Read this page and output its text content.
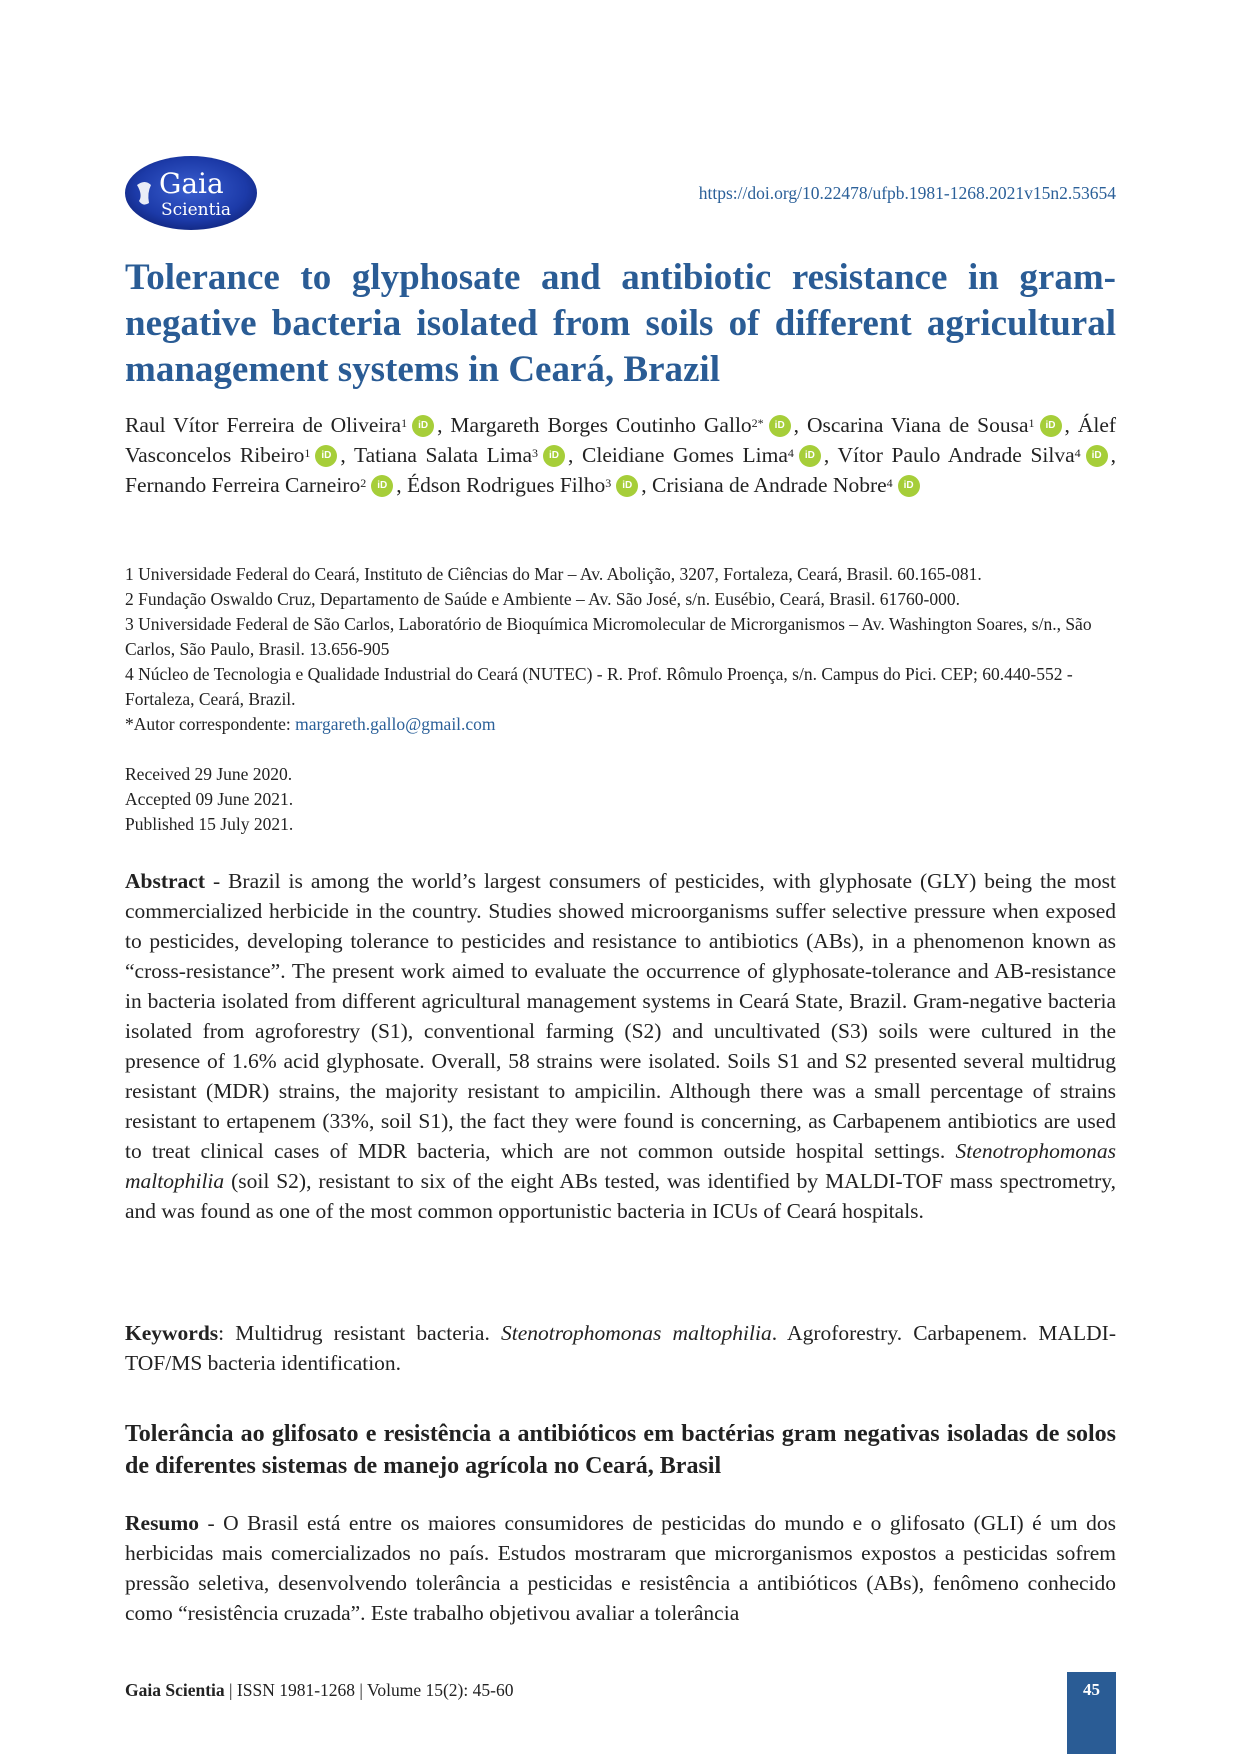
Gaia
Scientia
https://doi.org/10.22478/ufpb.1981-1268.2021v15n2.53654
Tolerance to glyphosate and antibiotic resistance in gram-negative bacteria isolated from soils of different agricultural management systems in Ceará, Brazil
Raul Vítor Ferreira de Oliveira$^1$ iD , Margareth Borges Coutinho Gallo$^{2*}$ iD , Oscarina Viana de Sousa$^1$ iD , Álef Vasconcelos Ribeiro$^1$ iD , Tatiana Salata Lima$^3$ iD , Cleidiane Gomes Lima$^4$ iD , Vítor Paulo Andrade Silva$^4$ iD , Fernando Ferreira Carneiro$^2$ iD , Édson Rodrigues Filho$^3$ iD , Crisiana de Andrade Nobre$^4$ iD

1 Universidade Federal do Ceará, Instituto de Ciências do Mar – Av. Abolição, 3207, Fortaleza, Ceará, Brasil. 60.165-081.

2 Fundação Oswaldo Cruz, Departamento de Saúde e Ambiente – Av. São José, s/n. Eusébio, Ceará, Brasil. 61760-000.

3 Universidade Federal de São Carlos, Laboratório de Bioquímica Micromolecular de Microrganismos – Av. Washington Soares, s/n., São Carlos, São Paulo, Brasil. 13.656-905

4 Núcleo de Tecnologia e Qualidade Industrial do Ceará (NUTEC) - R. Prof. Rômulo Proença, s/n. Campus do Pici. CEP; 60.440-552 - Fortaleza, Ceará, Brazil.

*Autor correspondente: margareth.gallo@gmail.com

Received 29 June 2020.

Accepted 09 June 2021.

Published 15 July 2021.

Abstract - Brazil is among the world’s largest consumers of pesticides, with glyphosate (GLY) being the most commercialized herbicide in the country. Studies showed microorganisms suffer selective pressure when exposed to pesticides, developing tolerance to pesticides and resistance to antibiotics (ABs), in a phenomenon known as “cross-resistance”. The present work aimed to evaluate the occurrence of glyphosate-tolerance and AB-resistance in bacteria isolated from different agricultural management systems in Ceará State, Brazil. Gram-negative bacteria isolated from agroforestry (S1), conventional farming (S2) and uncultivated (S3) soils were cultured in the presence of 1.6% acid glyphosate. Overall, 58 strains were isolated. Soils S1 and S2 presented several multidrug resistant (MDR) strains, the majority resistant to ampicilin. Although there was a small percentage of strains resistant to ertapenem (33%, soil S1), the fact they were found is concerning, as Carbapenem antibiotics are used to treat clinical cases of MDR bacteria, which are not common outside hospital settings. Stenotrophomonas maltophilia (soil S2), resistant to six of the eight ABs tested, was identified by MALDI-TOF mass spectrometry, and was found as one of the most common opportunistic bacteria in ICUs of Ceará hospitals.

Keywords: Multidrug resistant bacteria. Stenotrophomonas maltophilia. Agroforestry. Carbapenem. MALDI-TOF/MS bacteria identification.

Tolerância ao glifosato e resistência a antibióticos em bactérias gram negativas isoladas de solos de diferentes sistemas de manejo agrícola no Ceará, Brasil

Resumo - O Brasil está entre os maiores consumidores de pesticidas do mundo e o glifosato (GLI) é um dos herbicidas mais comercializados no país. Estudos mostraram que microrganismos expostos a pesticidas sofrem pressão seletiva, desenvolvendo tolerância a pesticidas e resistência a antibióticos (ABs), fenômeno conhecido como “resistência cruzada”. Este trabalho objetivou avaliar a tolerância

Gaia Scientia | ISSN 1981-1268 | Volume 15(2): 45-60	45
